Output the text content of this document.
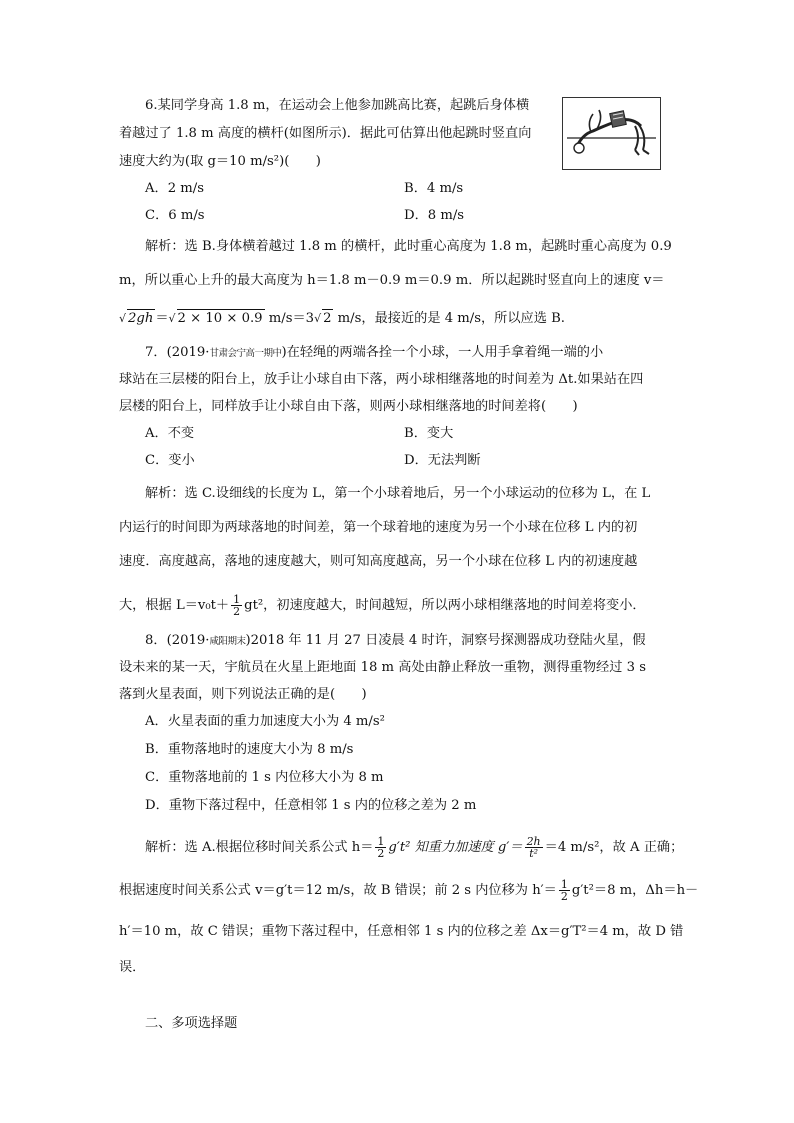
6.某同学身高 1.8 m，在运动会上他参加跳高比赛，起跳后身体横
着越过了 1.8 m 高度的横杆(如图所示)．据此可估算出他起跳时竖直向
速度大约为(取 g＝10 m/s²)(　　)
A．2 m/s	B．4 m/s
C．6 m/s	D．8 m/s
解析：选 B.身体横着越过 1.8 m 的横杆，此时重心高度为 1.8 m，起跳时重心高度为 0.9
m，所以重心上升的最大高度为 h＝1.8 m－0.9 m＝0.9 m．所以起跳时竖直向上的速度 v＝
√ 2gh ＝√ 2 × 10 × 0.9 m/s＝3√ 2 m/s，最接近的是 4 m/s，所以应选 B.
7．(2019·甘肃会宁高一期中)在轻绳的两端各拴一个小球，一人用手拿着绳一端的小
球站在三层楼的阳台上，放手让小球自由下落，两小球相继落地的时间差为 Δt.如果站在四
层楼的阳台上，同样放手让小球自由下落，则两小球相继落地的时间差将(　　)
A．不变	B．变大
C．变小	D．无法判断
解析：选 C.设细线的长度为 L，第一个小球着地后，另一个小球运动的位移为 L，在 L
内运行的时间即为两球落地的时间差，第一个球着地的速度为另一个小球在位移 L 内的初
速度．高度越高，落地的速度越大，则可知高度越高，另一个小球在位移 L 内的初速度越
大，根据 $L=v_0t+ \frac{1}{2} gt^2$，初速度越大，时间越短，所以两小球相继落地的时间差将变小．
8．(2019·咸阳期末)2018 年 11 月 27 日凌晨 4 时许，洞察号探测器成功登陆火星，假
设未来的某一天，宇航员在火星上距地面 18 m 高处由静止释放一重物，测得重物经过 3 s
落到火星表面，则下列说法正确的是(　　)
A．火星表面的重力加速度大小为 4 m/s²
B．重物落地时的速度大小为 8 m/s
C．重物落地前的 1 s 内位移大小为 8 m
D．重物下落过程中，任意相邻 1 s 内的位移之差为 2 m
解析：选 A.根据位移时间关系公式 $h= \frac{1}{2} g't^2$ 知重力加速度 $g'= \frac{2h}{\text{t²}} =4$ m/s²，故 A 正确；
根据速度时间关系公式 v＝g′t＝12 m/s，故 B 错误；前 2 s 内位移为 $h'= \frac{1}{2} g't^2=8$ m，Δh＝h－
h′＝10 m，故 C 错误；重物下落过程中，任意相邻 1 s 内的位移之差 Δx＝g′T²＝4 m，故 D 错
误．
二、多项选择题
